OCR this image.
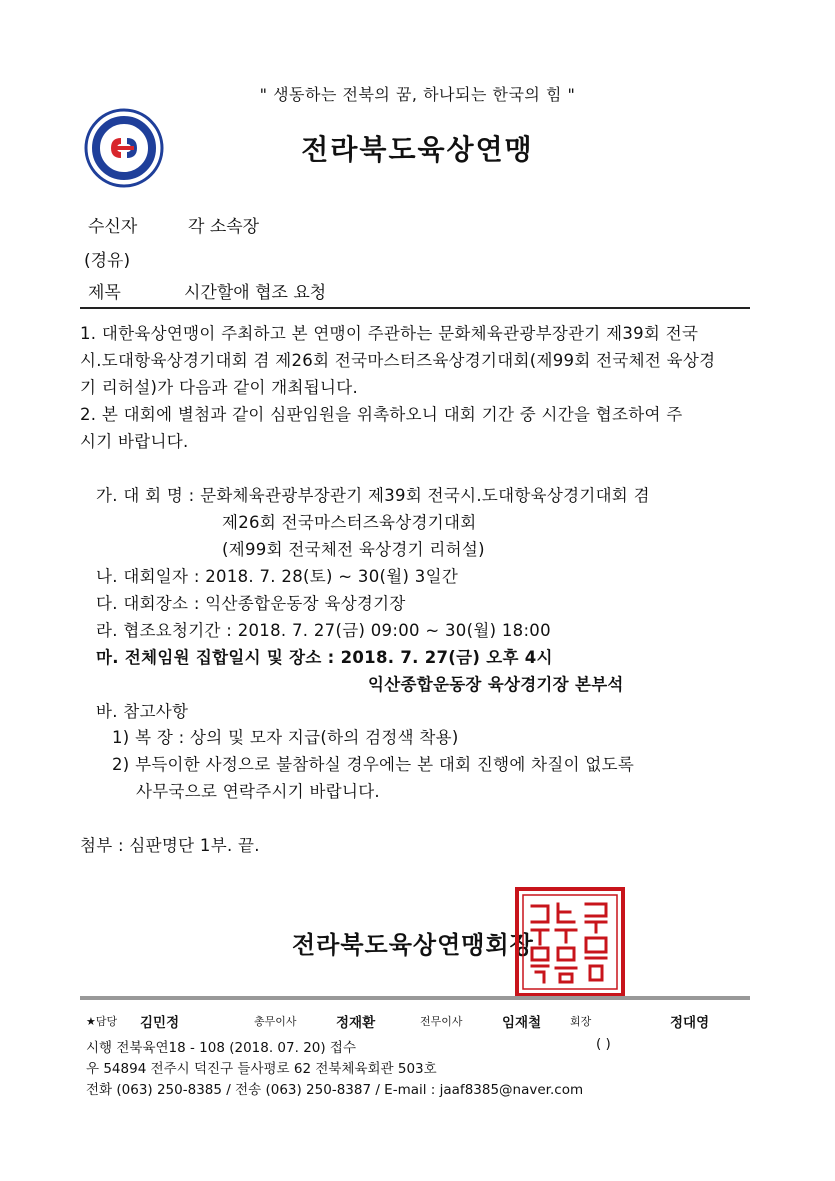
" 생동하는 전북의 꿈, 하나되는 한국의 힘 "
전라북도육상연맹
수신자	각 소속장
(경유)
제목	시간할애 협조 요청
1. 대한육상연맹이 주최하고 본 연맹이 주관하는 문화체육관광부장관기 제39회 전국
시.도대항육상경기대회 겸 제26회 전국마스터즈육상경기대회(제99회 전국체전 육상경
기 리허설)가 다음과 같이 개최됩니다.
2. 본 대회에 별첨과 같이 심판임원을 위촉하오니 대회 기간 중 시간을 협조하여 주
시기 바랍니다.
가. 대 회 명 : 문화체육관광부장관기 제39회 전국시.도대항육상경기대회 겸
제26회 전국마스터즈육상경기대회
(제99회 전국체전 육상경기 리허설)
나. 대회일자 : 2018. 7. 28(토) ~ 30(월) 3일간
다. 대회장소 : 익산종합운동장 육상경기장
라. 협조요청기간 : 2018. 7. 27(금) 09:00 ~ 30(월) 18:00
마. 전체임원 집합일시 및 장소 : 2018. 7. 27(금) 오후 4시
익산종합운동장 육상경기장 본부석
바. 참고사항
1) 복 장 : 상의 및 모자 지급(하의 검정색 착용)
2) 부득이한 사정으로 불참하실 경우에는 본 대회 진행에 차질이 없도록
사무국으로 연락주시기 바랍니다.
첨부 : 심판명단 1부. 끝.
전라북도육상연맹회장
★담당 김민정	총무이사	정재환	전무이사	임재철	회장	정대영
시행 전북육연18 - 108 (2018. 07. 20) 접수	( )
우 54894 전주시 덕진구 들사평로 62 전북체육회관 503호
전화 (063) 250-8385 / 전송 (063) 250-8387 / E-mail : jaaf8385@naver.com
